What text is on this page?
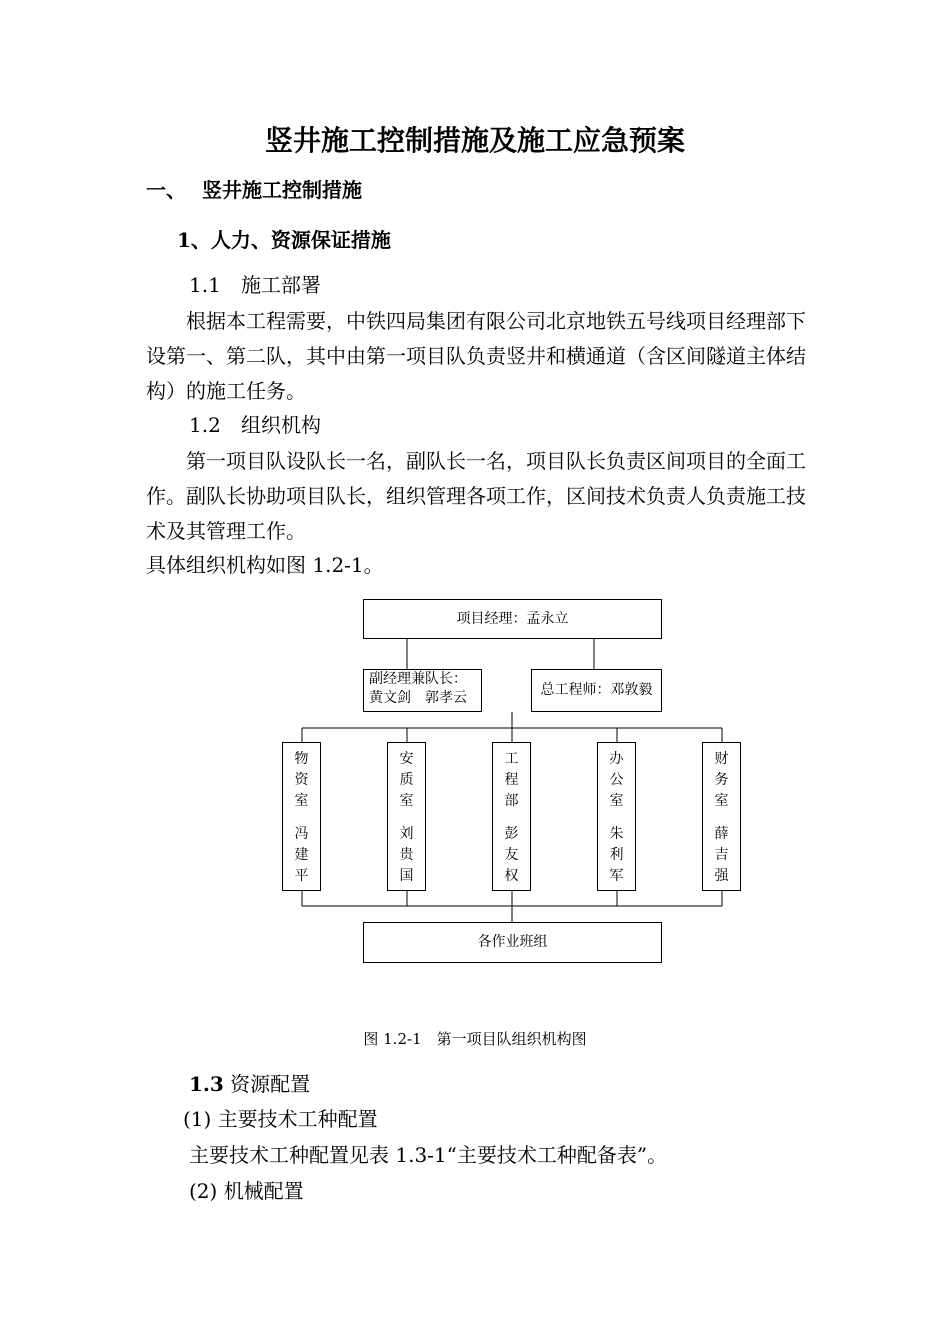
竖井施工控制措施及施工应急预案
一、 竖井施工控制措施
1、人力、资源保证措施
1.1 施工部署

根据本工程需要，中铁四局集团有限公司北京地铁五号线项目经理部下设第一、第二队，其中由第一项目队负责竖井和横通道（含区间隧道主体结构）的施工任务。

1.2 组织机构

第一项目队设队长一名，副队长一名，项目队长负责区间项目的全面工作。副队长协助项目队长，组织管理各项工作，区间技术负责人负责施工技术及其管理工作。

具体组织机构如图 1.2-1。
项目经理：孟永立
副经理兼队长：
黄文剑　郭孝云	总工程师：邓敦毅
物资室
冯建平
安质室
刘贵国
工程部
彭友权
办公室
朱利军
财务室
薛吉强
各作业班组
图 1.2-1　第一项目队组织机构图
1.3 资源配置
(1) 主要技术工种配置
主要技术工种配置见表 1.3-1“主要技术工种配备表”。
(2) 机械配置
